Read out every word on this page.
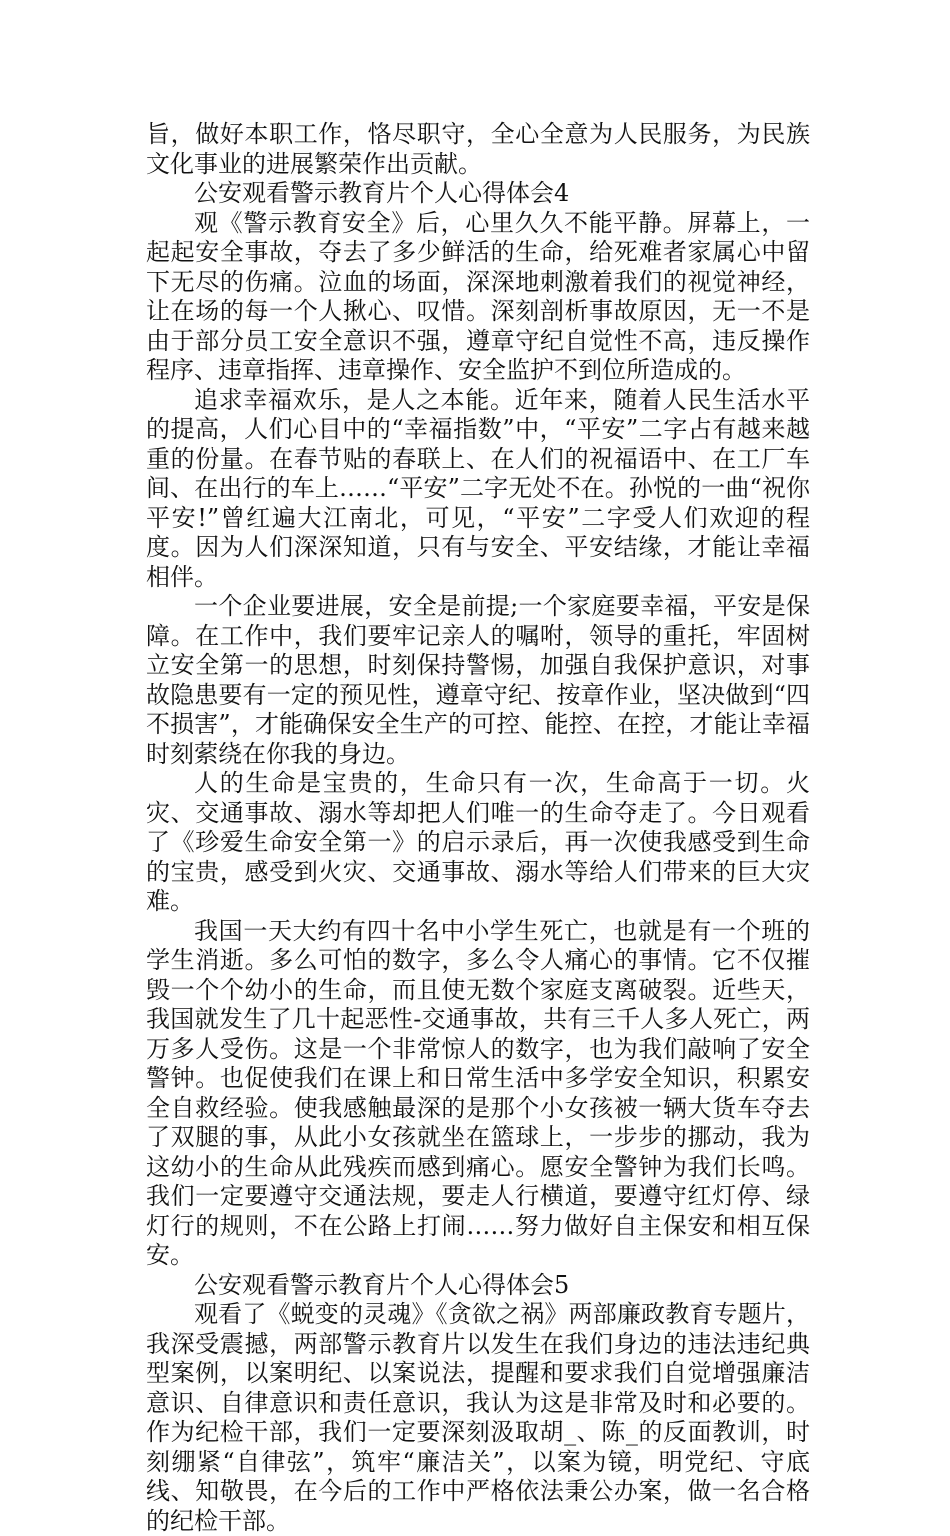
旨，做好本职工作，恪尽职守，全心全意为人民服务，为民族文化事业的进展繁荣作出贡献。

公安观看警示教育片个人心得体会4

观《警示教育安全》后，心里久久不能平静。屏幕上，一起起安全事故，夺去了多少鲜活的生命，给死难者家属心中留下无尽的伤痛。泣血的场面，深深地刺激着我们的视觉神经，让在场的每一个人揪心、叹惜。深刻剖析事故原因，无一不是由于部分员工安全意识不强，遵章守纪自觉性不高，违反操作程序、违章指挥、违章操作、安全监护不到位所造成的。

追求幸福欢乐，是人之本能。近年来，随着人民生活水平的提高，人们心目中的“幸福指数”中，“平安”二字占有越来越重的份量。在春节贴的春联上、在人们的祝福语中、在工厂车间、在出行的车上……“平安”二字无处不在。孙悦的一曲“祝你平安!”曾红遍大江南北，可见，“平安”二字受人们欢迎的程度。因为人们深深知道，只有与安全、平安结缘，才能让幸福相伴。

一个企业要进展，安全是前提;一个家庭要幸福，平安是保障。在工作中，我们要牢记亲人的嘱咐，领导的重托，牢固树立安全第一的思想，时刻保持警惕，加强自我保护意识，对事故隐患要有一定的预见性，遵章守纪、按章作业，坚决做到“四不损害”，才能确保安全生产的可控、能控、在控，才能让幸福时刻萦绕在你我的身边。

人的生命是宝贵的，生命只有一次，生命高于一切。火灾、交通事故、溺水等却把人们唯一的生命夺走了。今日观看了《珍爱生命安全第一》的启示录后，再一次使我感受到生命的宝贵，感受到火灾、交通事故、溺水等给人们带来的巨大灾难。

我国一天大约有四十名中小学生死亡，也就是有一个班的学生消逝。多么可怕的数字，多么令人痛心的事情。它不仅摧毁一个个幼小的生命，而且使无数个家庭支离破裂。近些天，我国就发生了几十起恶性-交通事故，共有三千人多人死亡，两万多人受伤。这是一个非常惊人的数字，也为我们敲响了安全警钟。也促使我们在课上和日常生活中多学安全知识，积累安全自救经验。使我感触最深的是那个小女孩被一辆大货车夺去了双腿的事，从此小女孩就坐在篮球上，一步步的挪动，我为这幼小的生命从此残疾而感到痛心。愿安全警钟为我们长鸣。我们一定要遵守交通法规，要走人行横道，要遵守红灯停、绿灯行的规则，不在公路上打闹……努力做好自主保安和相互保安。

公安观看警示教育片个人心得体会5

观看了《蜕变的灵魂》《贪欲之祸》两部廉政教育专题片，我深受震撼，两部警示教育片以发生在我们身边的违法违纪典型案例，以案明纪、以案说法，提醒和要求我们自觉增强廉洁意识、自律意识和责任意识，我认为这是非常及时和必要的。作为纪检干部，我们一定要深刻汲取胡_、陈_的反面教训，时刻绷紧“自律弦”，筑牢“廉洁关”，以案为镜，明党纪、守底线、知敬畏，在今后的工作中严格依法秉公办案，做一名合格的纪检干部。
